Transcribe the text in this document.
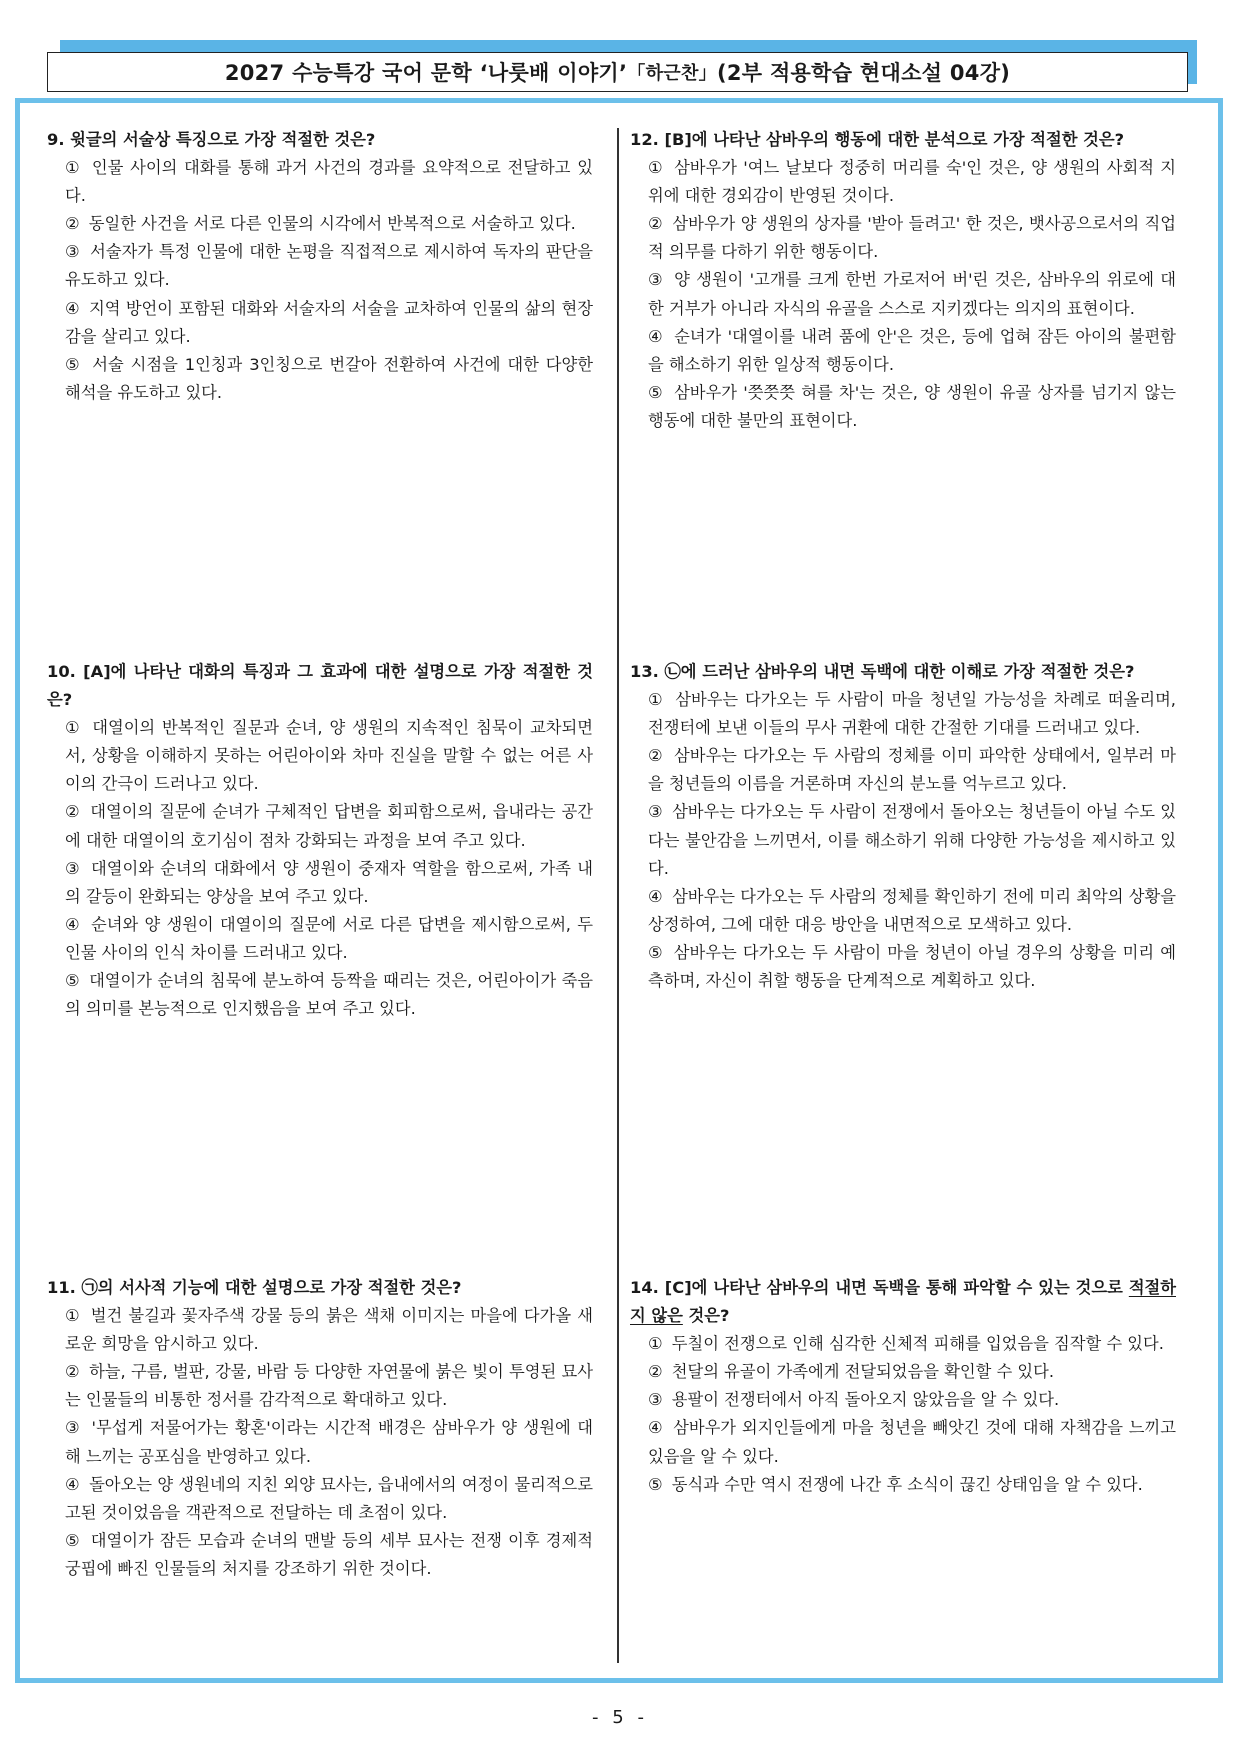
2027 수능특강 국어 문학 ‘나룻배 이야기’ 「하근찬」 (2부 적용학습 현대소설 04강)
9. 윗글의 서술상 특징으로 가장 적절한 것은?
① 인물 사이의 대화를 통해 과거 사건의 경과를 요약적으로 전달하고 있다.
② 동일한 사건을 서로 다른 인물의 시각에서 반복적으로 서술하고 있다.
③ 서술자가 특정 인물에 대한 논평을 직접적으로 제시하여 독자의 판단을 유도하고 있다.
④ 지역 방언이 포함된 대화와 서술자의 서술을 교차하여 인물의 삶의 현장감을 살리고 있다.
⑤ 서술 시점을 1인칭과 3인칭으로 번갈아 전환하여 사건에 대한 다양한 해석을 유도하고 있다.
10. [A]에 나타난 대화의 특징과 그 효과에 대한 설명으로 가장 적절한 것은?
① 대열이의 반복적인 질문과 순녀, 양 생원의 지속적인 침묵이 교차되면서, 상황을 이해하지 못하는 어린아이와 차마 진실을 말할 수 없는 어른 사이의 간극이 드러나고 있다.
② 대열이의 질문에 순녀가 구체적인 답변을 회피함으로써, 읍내라는 공간에 대한 대열이의 호기심이 점차 강화되는 과정을 보여 주고 있다.
③ 대열이와 순녀의 대화에서 양 생원이 중재자 역할을 함으로써, 가족 내의 갈등이 완화되는 양상을 보여 주고 있다.
④ 순녀와 양 생원이 대열이의 질문에 서로 다른 답변을 제시함으로써, 두 인물 사이의 인식 차이를 드러내고 있다.
⑤ 대열이가 순녀의 침묵에 분노하여 등짝을 때리는 것은, 어린아이가 죽음의 의미를 본능적으로 인지했음을 보여 주고 있다.
11. ㉠의 서사적 기능에 대한 설명으로 가장 적절한 것은?
① 벌건 불길과 꽃자주색 강물 등의 붉은 색채 이미지는 마을에 다가올 새로운 희망을 암시하고 있다.
② 하늘, 구름, 벌판, 강물, 바람 등 다양한 자연물에 붉은 빛이 투영된 묘사는 인물들의 비통한 정서를 감각적으로 확대하고 있다.
③ '무섭게 저물어가는 황혼'이라는 시간적 배경은 삼바우가 양 생원에 대해 느끼는 공포심을 반영하고 있다.
④ 돌아오는 양 생원네의 지친 외양 묘사는, 읍내에서의 여정이 물리적으로 고된 것이었음을 객관적으로 전달하는 데 초점이 있다.
⑤ 대열이가 잠든 모습과 순녀의 맨발 등의 세부 묘사는 전쟁 이후 경제적 궁핍에 빠진 인물들의 처지를 강조하기 위한 것이다.
12. [B]에 나타난 삼바우의 행동에 대한 분석으로 가장 적절한 것은?
① 삼바우가 '여느 날보다 정중히 머리를 숙'인 것은, 양 생원의 사회적 지위에 대한 경외감이 반영된 것이다.
② 삼바우가 양 생원의 상자를 '받아 들려고' 한 것은, 뱃사공으로서의 직업적 의무를 다하기 위한 행동이다.
③ 양 생원이 '고개를 크게 한번 가로저어 버'린 것은, 삼바우의 위로에 대한 거부가 아니라 자식의 유골을 스스로 지키겠다는 의지의 표현이다.
④ 순녀가 '대열이를 내려 품에 안'은 것은, 등에 업혀 잠든 아이의 불편함을 해소하기 위한 일상적 행동이다.
⑤ 삼바우가 '쯧쯧쯧 혀를 차'는 것은, 양 생원이 유골 상자를 넘기지 않는 행동에 대한 불만의 표현이다.
13. ㉡에 드러난 삼바우의 내면 독백에 대한 이해로 가장 적절한 것은?
① 삼바우는 다가오는 두 사람이 마을 청년일 가능성을 차례로 떠올리며, 전쟁터에 보낸 이들의 무사 귀환에 대한 간절한 기대를 드러내고 있다.
② 삼바우는 다가오는 두 사람의 정체를 이미 파악한 상태에서, 일부러 마을 청년들의 이름을 거론하며 자신의 분노를 억누르고 있다.
③ 삼바우는 다가오는 두 사람이 전쟁에서 돌아오는 청년들이 아닐 수도 있다는 불안감을 느끼면서, 이를 해소하기 위해 다양한 가능성을 제시하고 있다.
④ 삼바우는 다가오는 두 사람의 정체를 확인하기 전에 미리 최악의 상황을 상정하여, 그에 대한 대응 방안을 내면적으로 모색하고 있다.
⑤ 삼바우는 다가오는 두 사람이 마을 청년이 아닐 경우의 상황을 미리 예측하며, 자신이 취할 행동을 단계적으로 계획하고 있다.
14. [C]에 나타난 삼바우의 내면 독백을 통해 파악할 수 있는 것으로 적절하지 않은 것은?
① 두칠이 전쟁으로 인해 심각한 신체적 피해를 입었음을 짐작할 수 있다.
② 천달의 유골이 가족에게 전달되었음을 확인할 수 있다.
③ 용팔이 전쟁터에서 아직 돌아오지 않았음을 알 수 있다.
④ 삼바우가 외지인들에게 마을 청년을 빼앗긴 것에 대해 자책감을 느끼고 있음을 알 수 있다.
⑤ 동식과 수만 역시 전쟁에 나간 후 소식이 끊긴 상태임을 알 수 있다.
- 5 -
